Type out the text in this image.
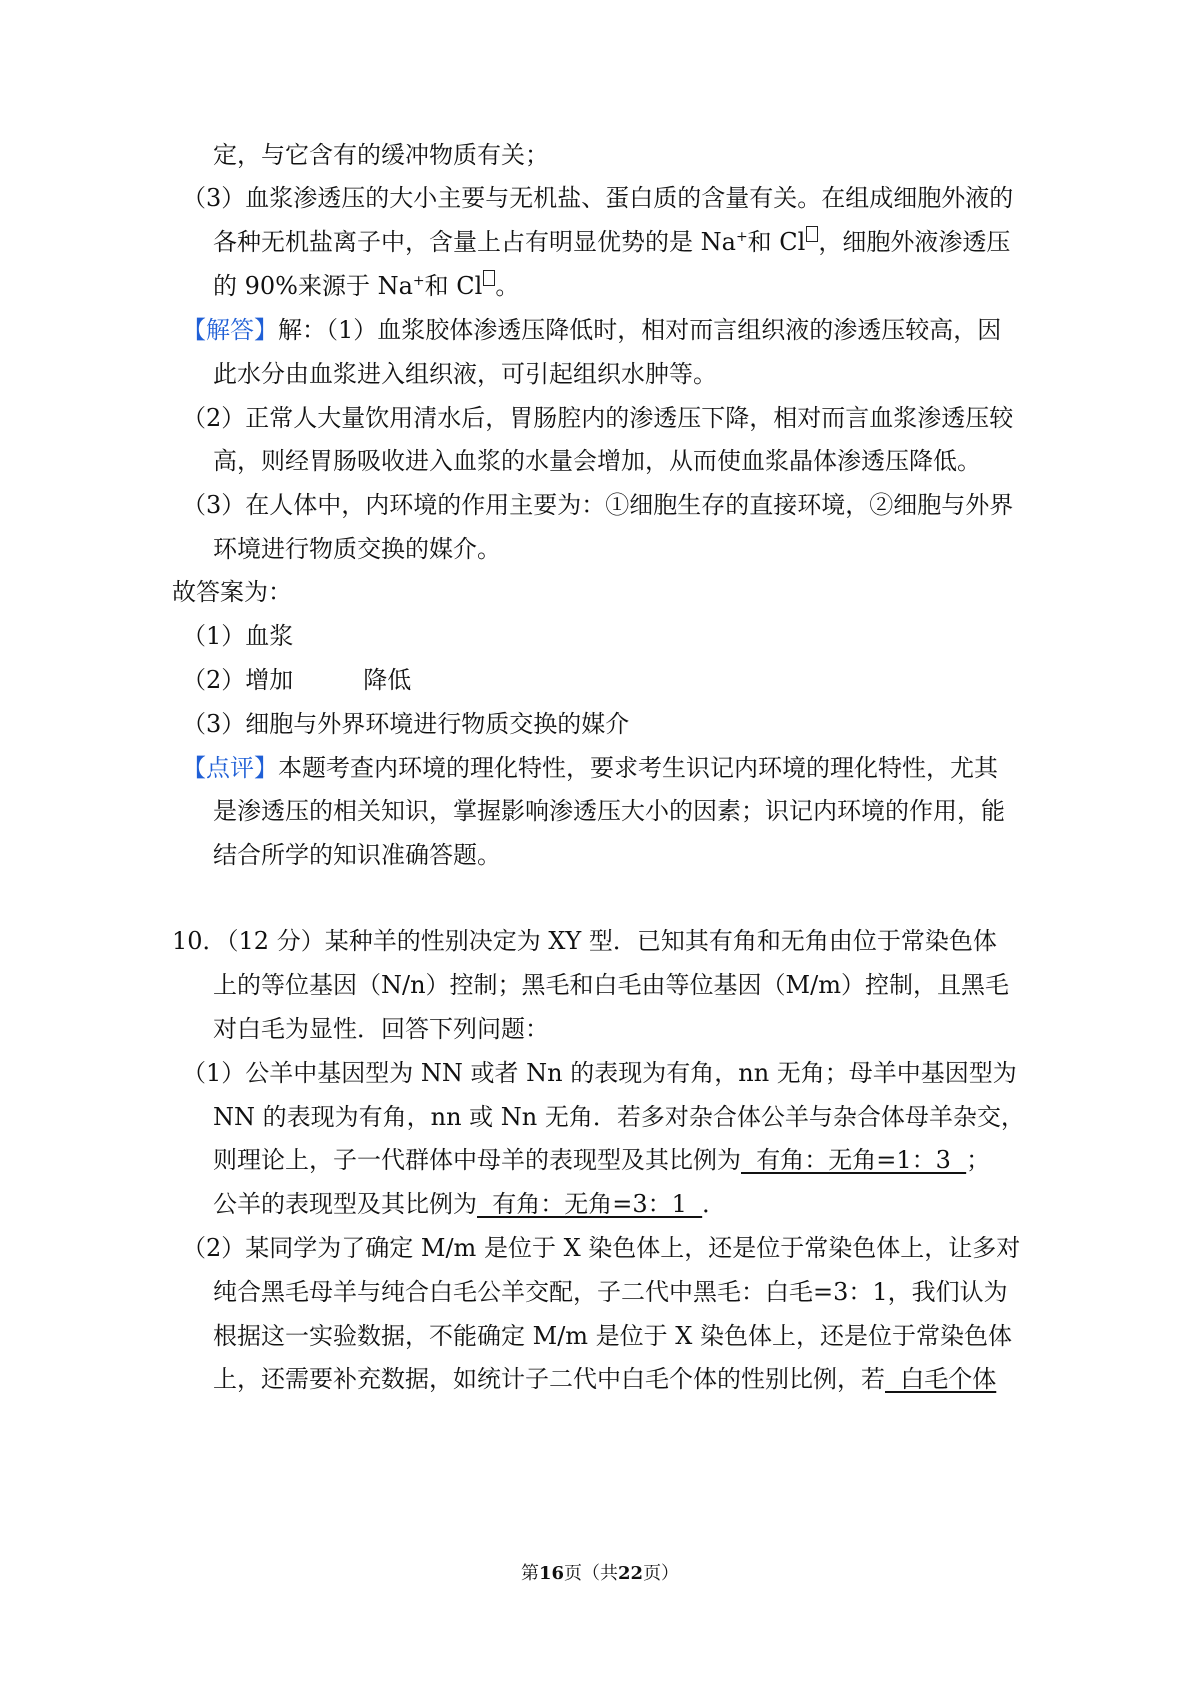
定，与它含有的缓冲物质有关；
（3）血浆渗透压的大小主要与无机盐、蛋白质的含量有关。在组成细胞外液的
各种无机盐离子中，含量上占有明显优势的是 Na+和 Cl ，细胞外液渗透压
的 90%来源于 Na+和 Cl 。
【解答】解：（1）血浆胶体渗透压降低时，相对而言组织液的渗透压较高，因
此水分由血浆进入组织液，可引起组织水肿等。
（2）正常人大量饮用清水后，胃肠腔内的渗透压下降，相对而言血浆渗透压较
高，则经胃肠吸收进入血浆的水量会增加，从而使血浆晶体渗透压降低。
（3）在人体中，内环境的作用主要为：①细胞生存的直接环境，②细胞与外界
环境进行物质交换的媒介。
故答案为：
（1）血浆
（2）增加	降低
（3）细胞与外界环境进行物质交换的媒介
【点评】本题考查内环境的理化特性，要求考生识记内环境的理化特性，尤其
是渗透压的相关知识，掌握影响渗透压大小的因素；识记内环境的作用，能
结合所学的知识准确答题。
10．（12 分）某种羊的性别决定为 XY 型．已知其有角和无角由位于常染色体
上的等位基因（N/n）控制；黑毛和白毛由等位基因（M/m）控制，且黑毛
对白毛为显性．回答下列问题：
（1）公羊中基因型为 NN 或者 Nn 的表现为有角，nn 无角；母羊中基因型为
NN 的表现为有角，nn 或 Nn 无角．若多对杂合体公羊与杂合体母羊杂交，
则理论上，子一代群体中母羊的表现型及其比例为  有角：无角=1：3  ；
公羊的表现型及其比例为  有角：无角=3：1  ．
（2）某同学为了确定 M/m 是位于 X 染色体上，还是位于常染色体上，让多对
纯合黑毛母羊与纯合白毛公羊交配，子二代中黑毛：白毛=3：1，我们认为
根据这一实验数据，不能确定 M/m 是位于 X 染色体上，还是位于常染色体
上，还需要补充数据，如统计子二代中白毛个体的性别比例，若  白毛个体
第16页（共22页）
